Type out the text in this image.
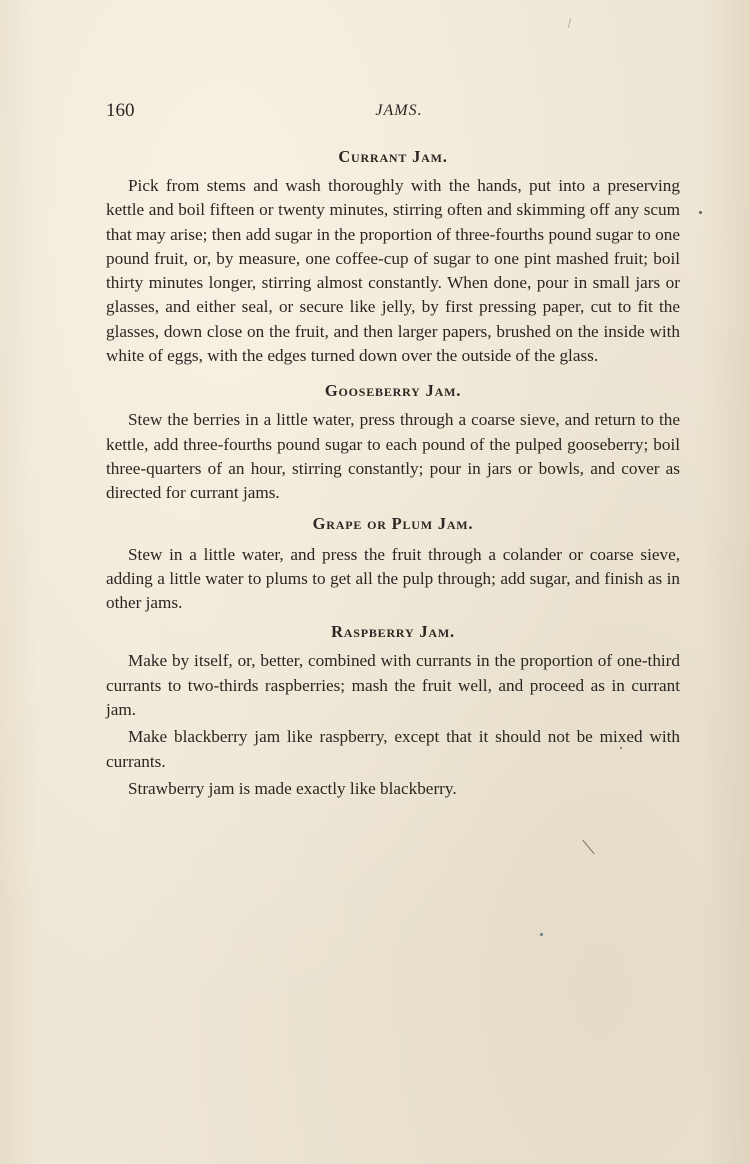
160	JAMS.
Currant Jam.

Pick from stems and wash thoroughly with the hands, put into a preserving kettle and boil fifteen or twenty minutes, stirring often and skimming off any scum that may arise; then add sugar in the proportion of three-fourths pound sugar to one pound fruit, or, by measure, one coffee-cup of sugar to one pint mashed fruit; boil thirty minutes longer, stirring almost constantly. When done, pour in small jars or glasses, and either seal, or secure like jelly, by first pressing paper, cut to fit the glasses, down close on the fruit, and then larger papers, brushed on the inside with white of eggs, with the edges turned down over the outside of the glass.

Gooseberry Jam.

Stew the berries in a little water, press through a coarse sieve, and return to the kettle, add three-fourths pound sugar to each pound of the pulped gooseberry; boil three-quarters of an hour, stirring constantly; pour in jars or bowls, and cover as directed for currant jams.

Grape or Plum Jam.

Stew in a little water, and press the fruit through a colander or coarse sieve, adding a little water to plums to get all the pulp through; add sugar, and finish as in other jams.

Raspberry Jam.

Make by itself, or, better, combined with currants in the proportion of one-third currants to two-thirds raspberries; mash the fruit well, and proceed as in currant jam.

Make blackberry jam like raspberry, except that it should not be mixed with currants.

Strawberry jam is made exactly like blackberry.
